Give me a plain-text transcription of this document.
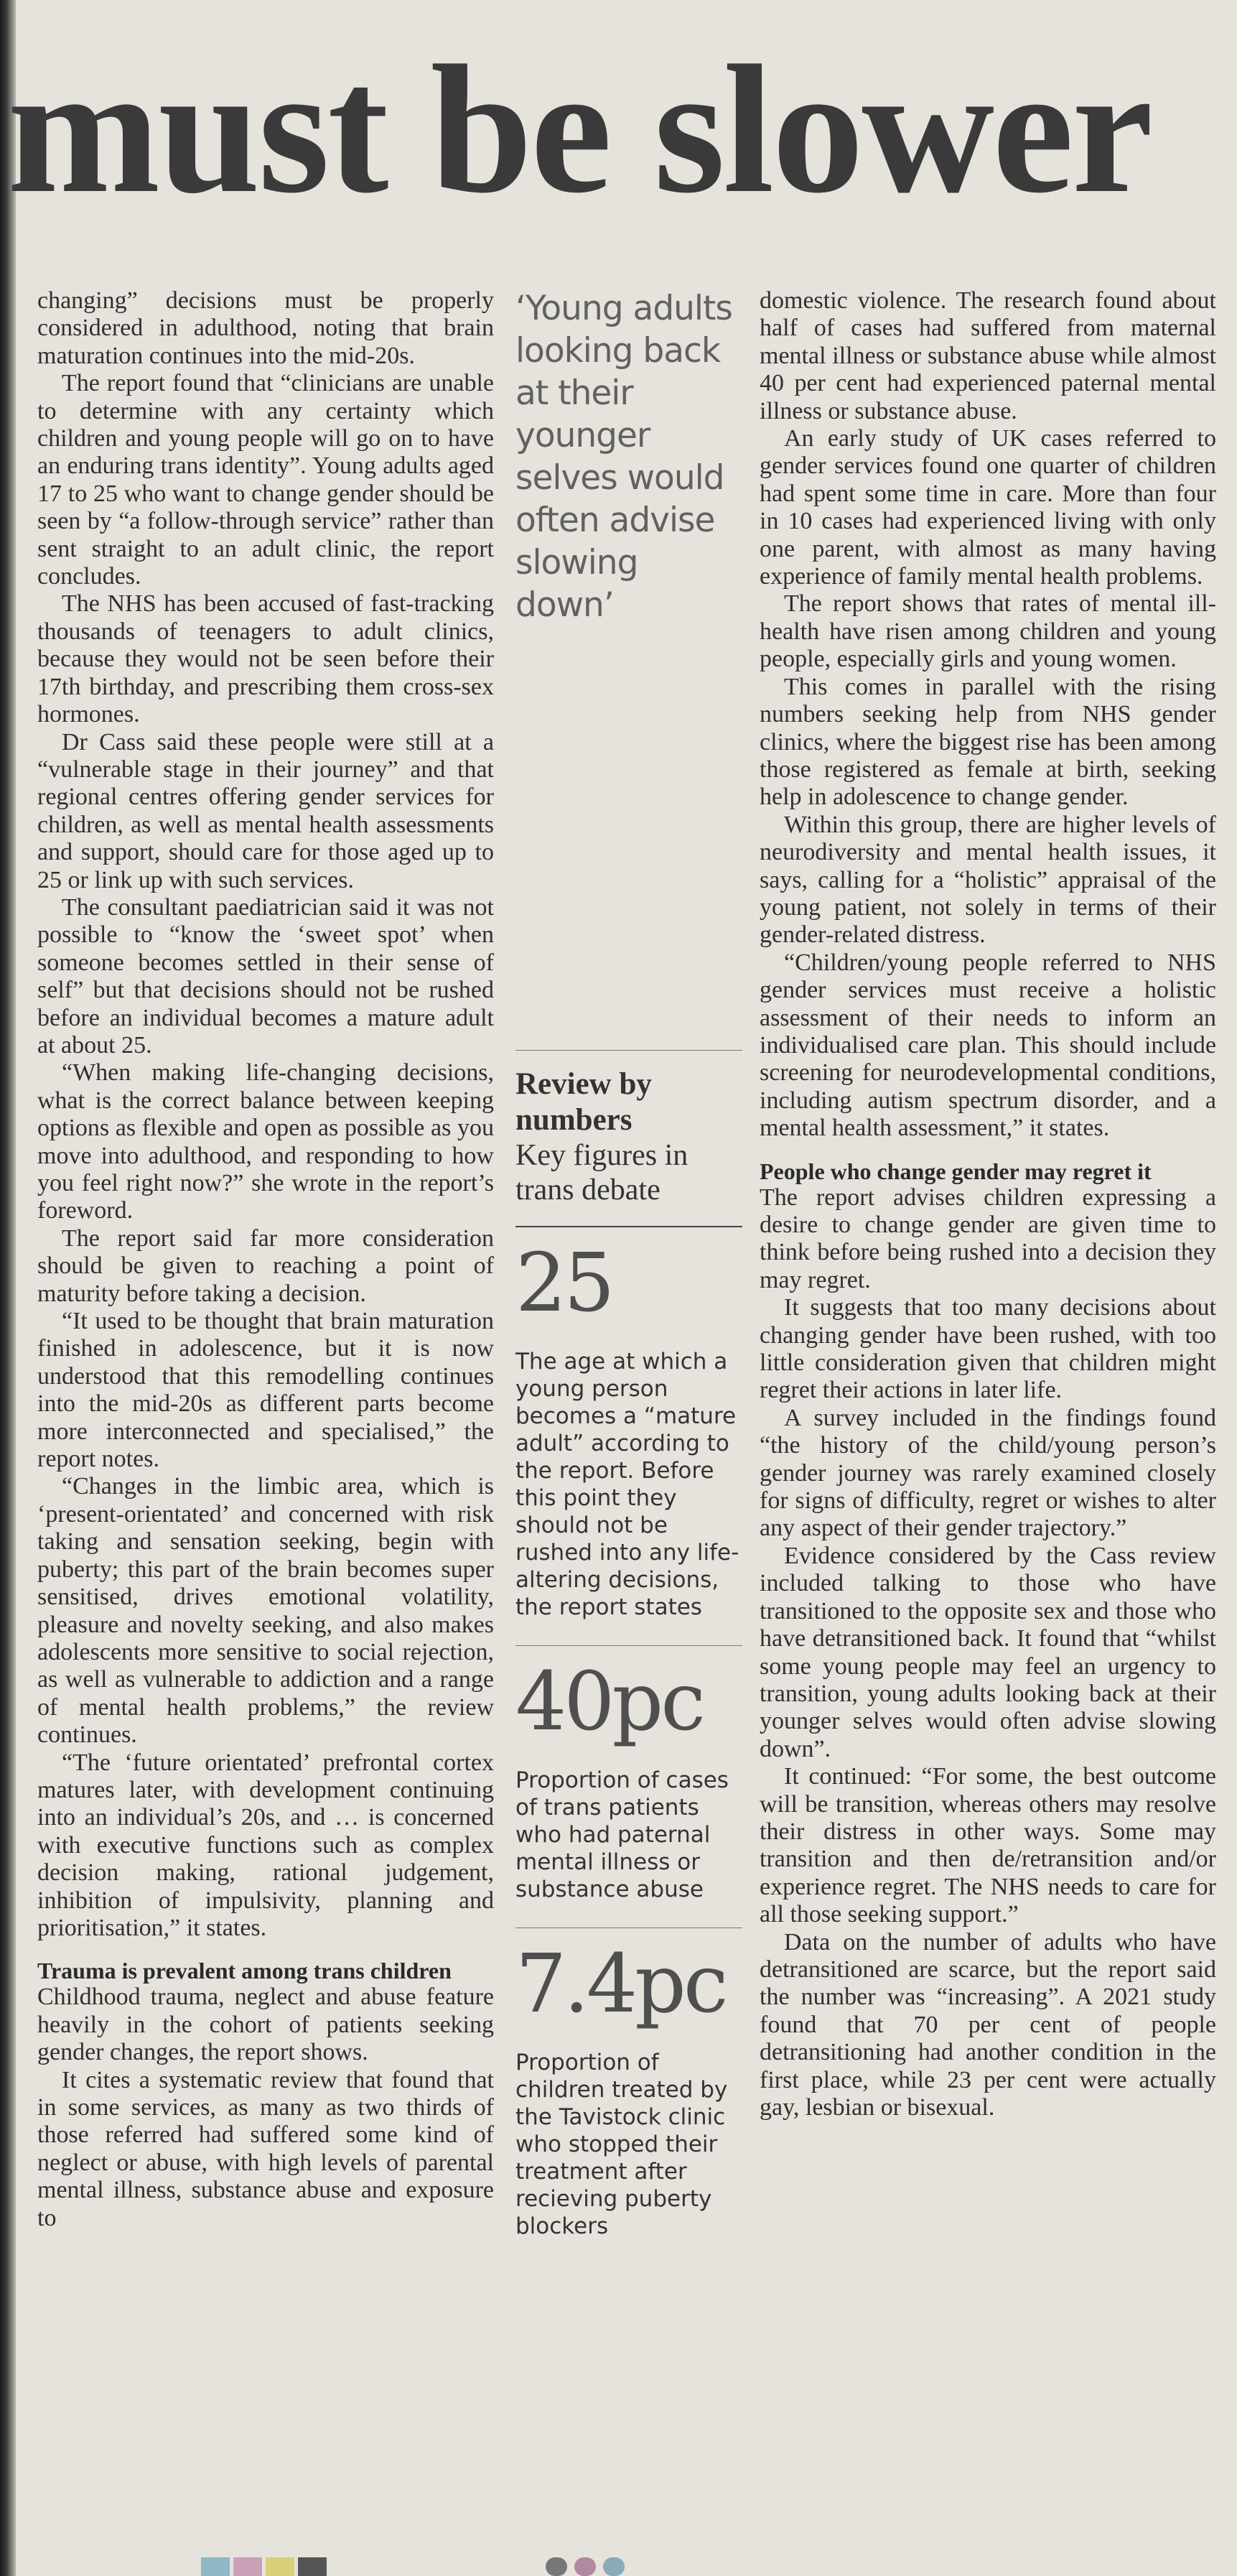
must be slower

changing” decisions must be properly considered in adulthood, noting that brain maturation continues into the mid-20s.

The report found that “clinicians are unable to determine with any certainty which children and young people will go on to have an enduring trans identity”. Young adults aged 17 to 25 who want to change gender should be seen by “a follow-through service” rather than sent straight to an adult clinic, the report concludes.

The NHS has been accused of fast-tracking thousands of teenagers to adult clinics, because they would not be seen before their 17th birthday, and prescribing them cross-sex hormones.

Dr Cass said these people were still at a “vulnerable stage in their journey” and that regional centres offering gender services for children, as well as mental health assessments and support, should care for those aged up to 25 or link up with such services.

The consultant paediatrician said it was not possible to “know the ‘sweet spot’ when someone becomes settled in their sense of self” but that decisions should not be rushed before an individual becomes a mature adult at about 25.

“When making life-changing decisions, what is the correct balance between keeping options as flexible and open as possible as you move into adulthood, and responding to how you feel right now?” she wrote in the report’s foreword.

The report said far more consideration should be given to reaching a point of maturity before taking a decision.

“It used to be thought that brain maturation finished in adolescence, but it is now understood that this remodelling continues into the mid-20s as different parts become more interconnected and specialised,” the report notes.

“Changes in the limbic area, which is ‘present-orientated’ and concerned with risk taking and sensation seeking, begin with puberty; this part of the brain becomes super sensitised, drives emotional volatility, pleasure and novelty seeking, and also makes adolescents more sensitive to social rejection, as well as vulnerable to addiction and a range of mental health problems,” the review continues.

“The ‘future orientated’ prefrontal cortex matures later, with development continuing into an individual’s 20s, and … is concerned with executive functions such as complex decision making, rational judgement, inhibition of impulsivity, planning and prioritisation,” it states.

Trauma is prevalent among trans children

Childhood trauma, neglect and abuse feature heavily in the cohort of patients seeking gender changes, the report shows.

It cites a systematic review that found that in some services, as many as two thirds of those referred had suffered some kind of neglect or abuse, with high levels of parental mental illness, substance abuse and exposure to

‘Young adults looking back at their younger selves would often advise slowing down’

Review by numbers
Key figures in trans debate
25

The age at which a young person becomes a “mature adult” according to the report. Before this point they should not be rushed into any life-altering decisions, the report states

40pc

Proportion of cases of trans patients who had paternal mental illness or substance abuse

7.4pc

Proportion of children treated by the Tavistock clinic who stopped their treatment after recieving puberty blockers

domestic violence. The research found about half of cases had suffered from maternal mental illness or substance abuse while almost 40 per cent had experienced paternal mental illness or substance abuse.

An early study of UK cases referred to gender services found one quarter of children had spent some time in care. More than four in 10 cases had experienced living with only one parent, with almost as many having experience of family mental health problems.

The report shows that rates of mental ill-health have risen among children and young people, especially girls and young women.

This comes in parallel with the rising numbers seeking help from NHS gender clinics, where the biggest rise has been among those registered as female at birth, seeking help in adolescence to change gender.

Within this group, there are higher levels of neurodiversity and mental health issues, it says, calling for a “holistic” appraisal of the young patient, not solely in terms of their gender-related distress.

“Children/young people referred to NHS gender services must receive a holistic assessment of their needs to inform an individualised care plan. This should include screening for neurodevelopmental conditions, including autism spectrum disorder, and a mental health assessment,” it states.

People who change gender may regret it

The report advises children expressing a desire to change gender are given time to think before being rushed into a decision they may regret.

It suggests that too many decisions about changing gender have been rushed, with too little consideration given that children might regret their actions in later life.

A survey included in the findings found “the history of the child/young person’s gender journey was rarely examined closely for signs of difficulty, regret or wishes to alter any aspect of their gender trajectory.”

Evidence considered by the Cass review included talking to those who have transitioned to the opposite sex and those who have detransitioned back. It found that “whilst some young people may feel an urgency to transition, young adults looking back at their younger selves would often advise slowing down”.

It continued: “For some, the best outcome will be transition, whereas others may resolve their distress in other ways. Some may transition and then de/retransition and/or experience regret. The NHS needs to care for all those seeking support.”

Data on the number of adults who have detransitioned are scarce, but the report said the number was “increasing”. A 2021 study found that 70 per cent of people detransitioning had another condition in the first place, while 23 per cent were actually gay, lesbian or bisexual.
